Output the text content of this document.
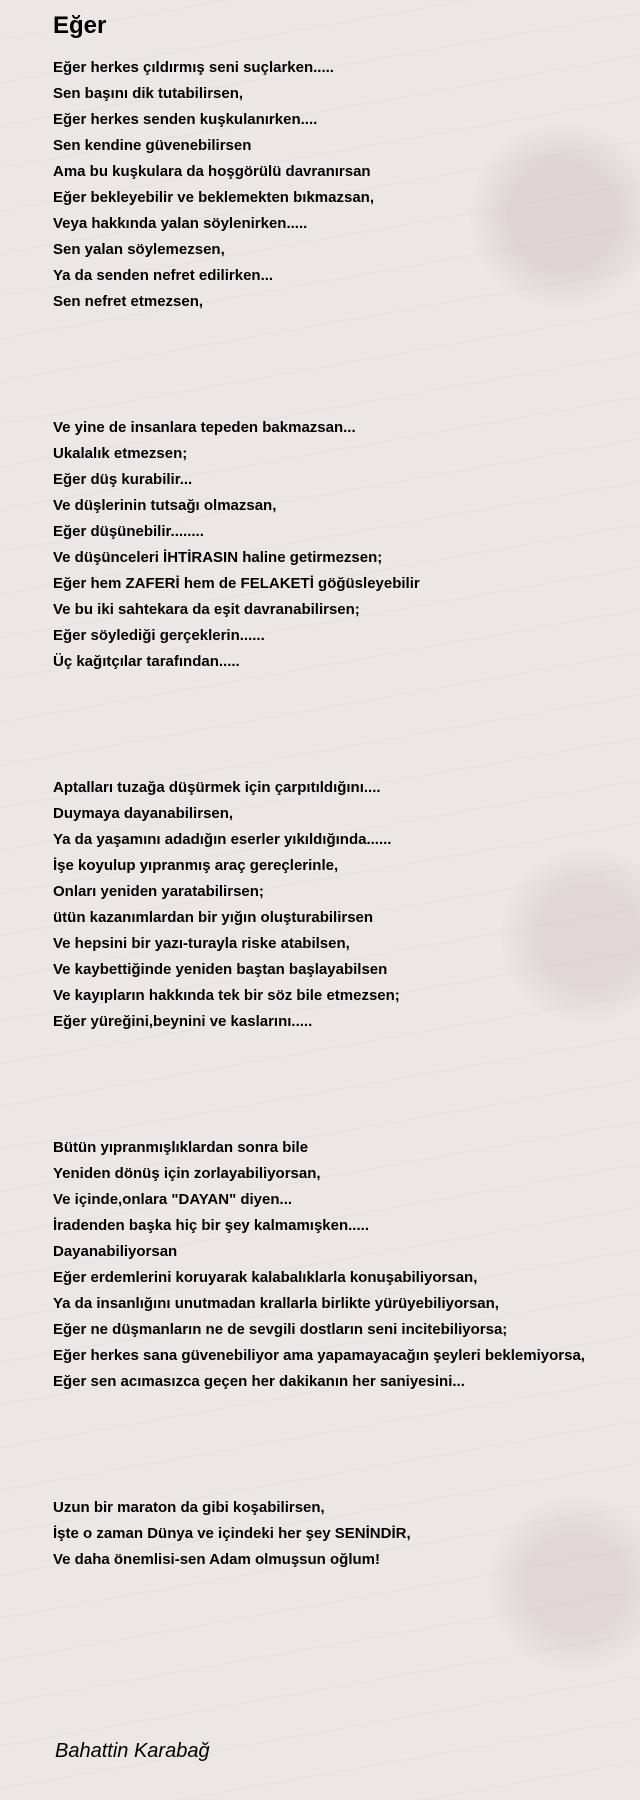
Eğer
Eğer herkes çıldırmış seni suçlarken.....
Sen başını dik tutabilirsen,
Eğer herkes senden kuşkulanırken....
Sen kendine güvenebilirsen
Ama bu kuşkulara da hoşgörülü davranırsan
Eğer bekleyebilir ve beklemekten bıkmazsan,
Veya hakkında yalan söylenirken.....
Sen yalan söylemezsen,
Ya da senden nefret edilirken...
Sen nefret etmezsen,
Ve yine de insanlara tepeden bakmazsan...
Ukalalık etmezsen;
Eğer düş kurabilir...
Ve düşlerinin tutsağı olmazsan,
Eğer düşünebilir........
Ve düşünceleri İHTİRASIN haline getirmezsen;
Eğer hem ZAFERİ hem de FELAKETİ göğüsleyebilir
Ve bu iki sahtekara da eşit davranabilirsen;
Eğer söylediği gerçeklerin......
Üç kağıtçılar tarafından.....
Aptalları tuzağa düşürmek için çarpıtıldığını....
Duymaya dayanabilirsen,
Ya da yaşamını adadığın eserler yıkıldığında......
İşe koyulup yıpranmış araç gereçlerinle,
Onları yeniden yaratabilirsen;
ütün kazanımlardan bir yığın oluşturabilirsen
Ve hepsini bir yazı-turayla riske atabilsen,
Ve kaybettiğinde yeniden baştan başlayabilsen
Ve kayıpların hakkında tek bir söz bile etmezsen;
Eğer yüreğini,beynini ve kaslarını.....
Bütün yıpranmışlıklardan sonra bile
Yeniden dönüş için zorlayabiliyorsan,
Ve içinde,onlara "DAYAN" diyen...
İradenden başka hiç bir şey kalmamışken.....
Dayanabiliyorsan
Eğer erdemlerini koruyarak kalabalıklarla konuşabiliyorsan,
Ya da insanlığını unutmadan krallarla birlikte yürüyebiliyorsan,
Eğer ne düşmanların ne de sevgili dostların seni incitebiliyorsa;
Eğer herkes sana güvenebiliyor ama yapamayacağın şeyleri beklemiyorsa,
Eğer sen acımasızca geçen her dakikanın her saniyesini...
Uzun bir maraton da gibi koşabilirsen,
İşte o zaman Dünya ve içindeki her şey SENİNDİR,
Ve daha önemlisi-sen Adam olmuşsun oğlum!
Bahattin Karabağ
